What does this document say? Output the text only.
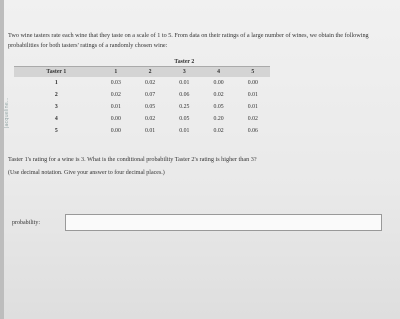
Jacqueline...
Two wine tasters rate each wine that they taste on a scale of 1 to 5. From data on their ratings of a large number of wines, we obtain the following probabilities for both tasters' ratings of a randomly chosen wine:
	Taster 2				
Taster 1	1	2	3	4	5
1	0.03	0.02	0.01	0.00	0.00
2	0.02	0.07	0.06	0.02	0.01
3	0.01	0.05	0.25	0.05	0.01
4	0.00	0.02	0.05	0.20	0.02
5	0.00	0.01	0.01	0.02	0.06
Taster 1's rating for a wine is 3. What is the conditional probability Taster 2's rating is higher than 3?
(Use decimal notation. Give your answer to four decimal places.)
probability:
